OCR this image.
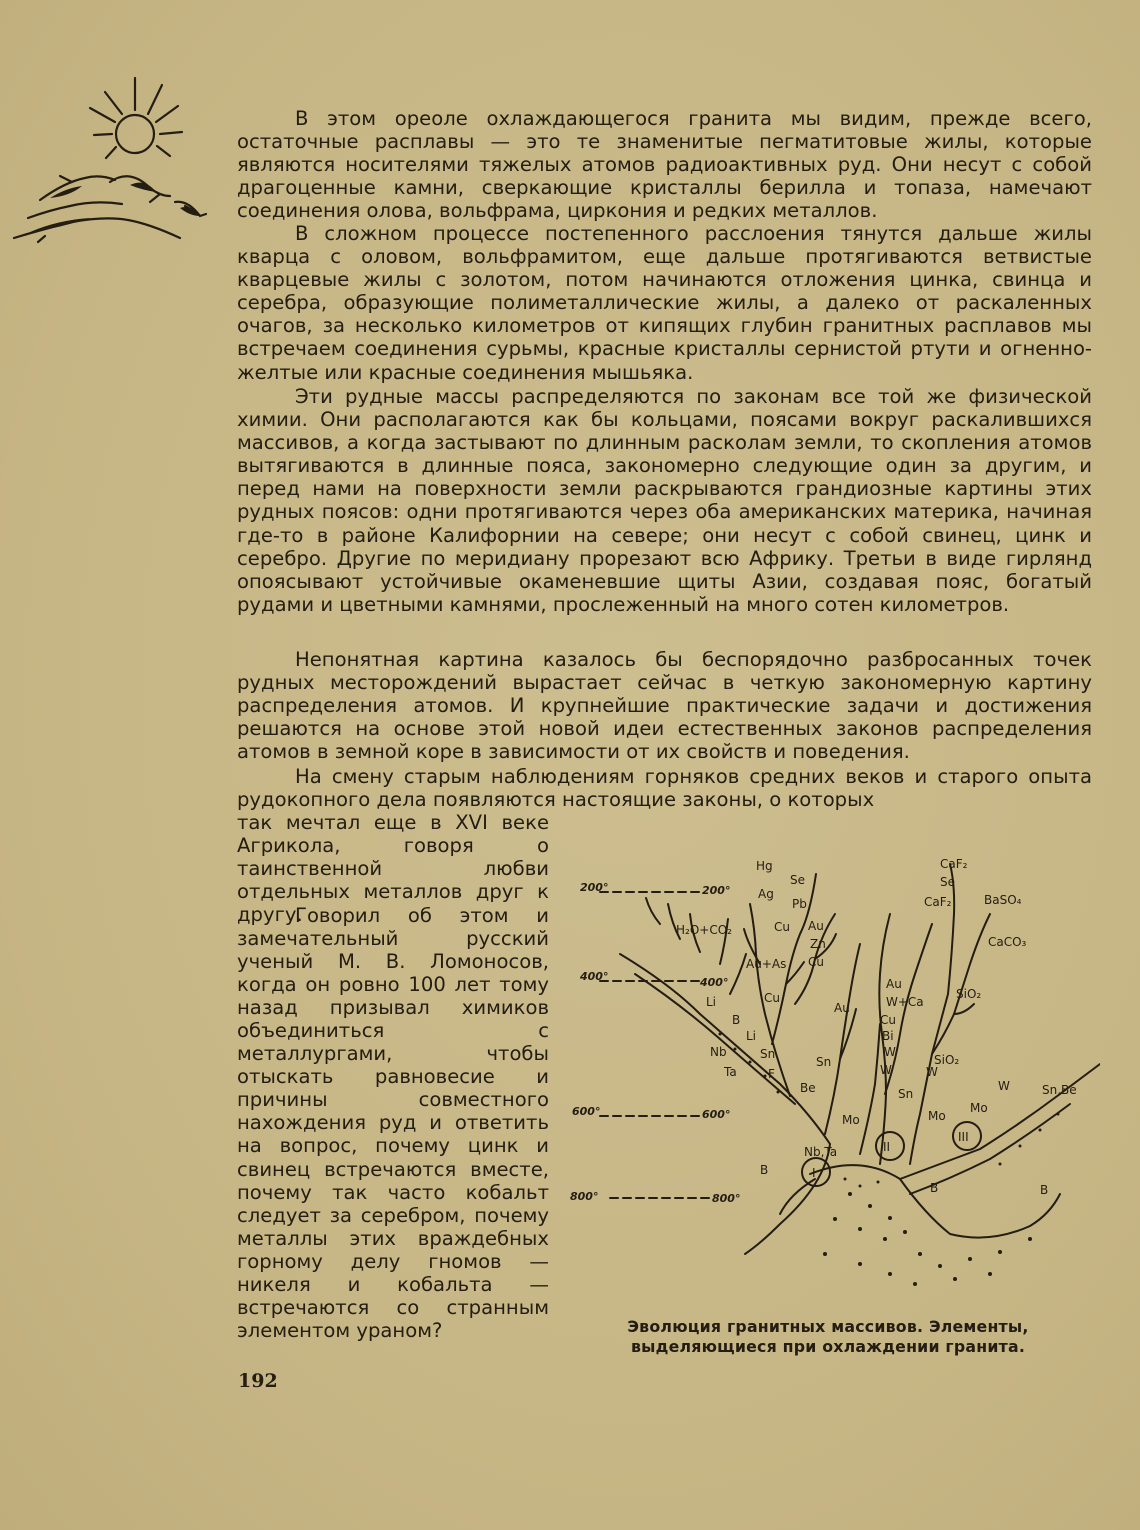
В этом ореоле охлаждающегося гранита мы видим, прежде всего, остаточные расплавы — это те знаменитые пегматитовые жилы, которые являются носителями тяжелых атомов радиоактивных руд. Они несут с собой драгоценные камни, сверкающие кристаллы берилла и топаза, намечают соединения олова, вольфрама, циркония и редких металлов.

В сложном процессе постепенного расслоения тянутся дальше жилы кварца с оловом, вольфрамитом, еще дальше протягиваются ветвистые кварцевые жилы с золотом, потом начинаются отложения цинка, свинца и серебра, образующие полиметаллические жилы, а далеко от раскаленных очагов, за несколько километров от кипящих глубин гранитных расплавов мы встречаем соединения сурьмы, красные кристаллы сернистой ртути и огненно-желтые или красные соединения мышьяка.

Эти рудные массы распределяются по законам все той же физической химии. Они располагаются как бы кольцами, поясами вокруг раскалившихся массивов, а когда застывают по длинным расколам земли, то скопления атомов вытягиваются в длинные пояса, закономерно следующие один за другим, и перед нами на поверхности земли раскрываются грандиозные картины этих рудных поясов: одни протягиваются через оба американских материка, начиная где-то в районе Калифорнии на севере; они несут с собой свинец, цинк и серебро. Другие по меридиану прорезают всю Африку. Третьи в виде гирлянд опоясывают устойчивые окаменевшие щиты Азии, создавая пояс, богатый рудами и цветными камнями, прослеженный на много сотен километров.

Непонятная картина казалось бы беспорядочно разбросанных точек рудных месторождений вырастает сейчас в четкую закономерную картину распределения атомов. И крупнейшие практические задачи и достижения решаются на основе этой новой идеи естественных законов распределения атомов в земной коре в зависимости от их свойств и поведения.

На смену старым наблюдениям горняков средних веков и старого опыта рудокопного дела появляются настоящие законы, о которых

так мечтал еще в XVI веке Агрикола, говоря о таинственной любви отдельных металлов друг к другу.

Говорил об этом и замечательный русский ученый М. В. Ломоносов, когда он ровно 100 лет тому назад призывал химиков объединиться с металлургами, чтобы отыскать равновесие и причины совместного нахождения руд и ответить на вопрос, почему цинк и свинец встречаются вместе, почему так часто кобальт следует за серебром, почему металлы этих враждебных горному делу гномов — никеля и кобальта — встречаются со странным элементом ураном?

200°	200°
400°	400°
600°	600°
800°	800°
Hg
Se
Ag
Pb
H₂O+CO₂	Cu Au
Zn
Au+As Cu
Cu
Li
B
Li
Nb
Ta
Sn
F
Be
Sn
Au
Au
W+Ca
Cu
Bi
W
W
SiO₂
W
Sn
Mo	Mo
Mo
W	Sn,Be
Nb,Ta
B
B	B
CaF₂
Se
CaF₂	BaSO₄
CaCO₃
SiO₂
I
II
III
Эволюция гранитных массивов. Элементы, выделяющиеся при охлаждении гранита.
192
